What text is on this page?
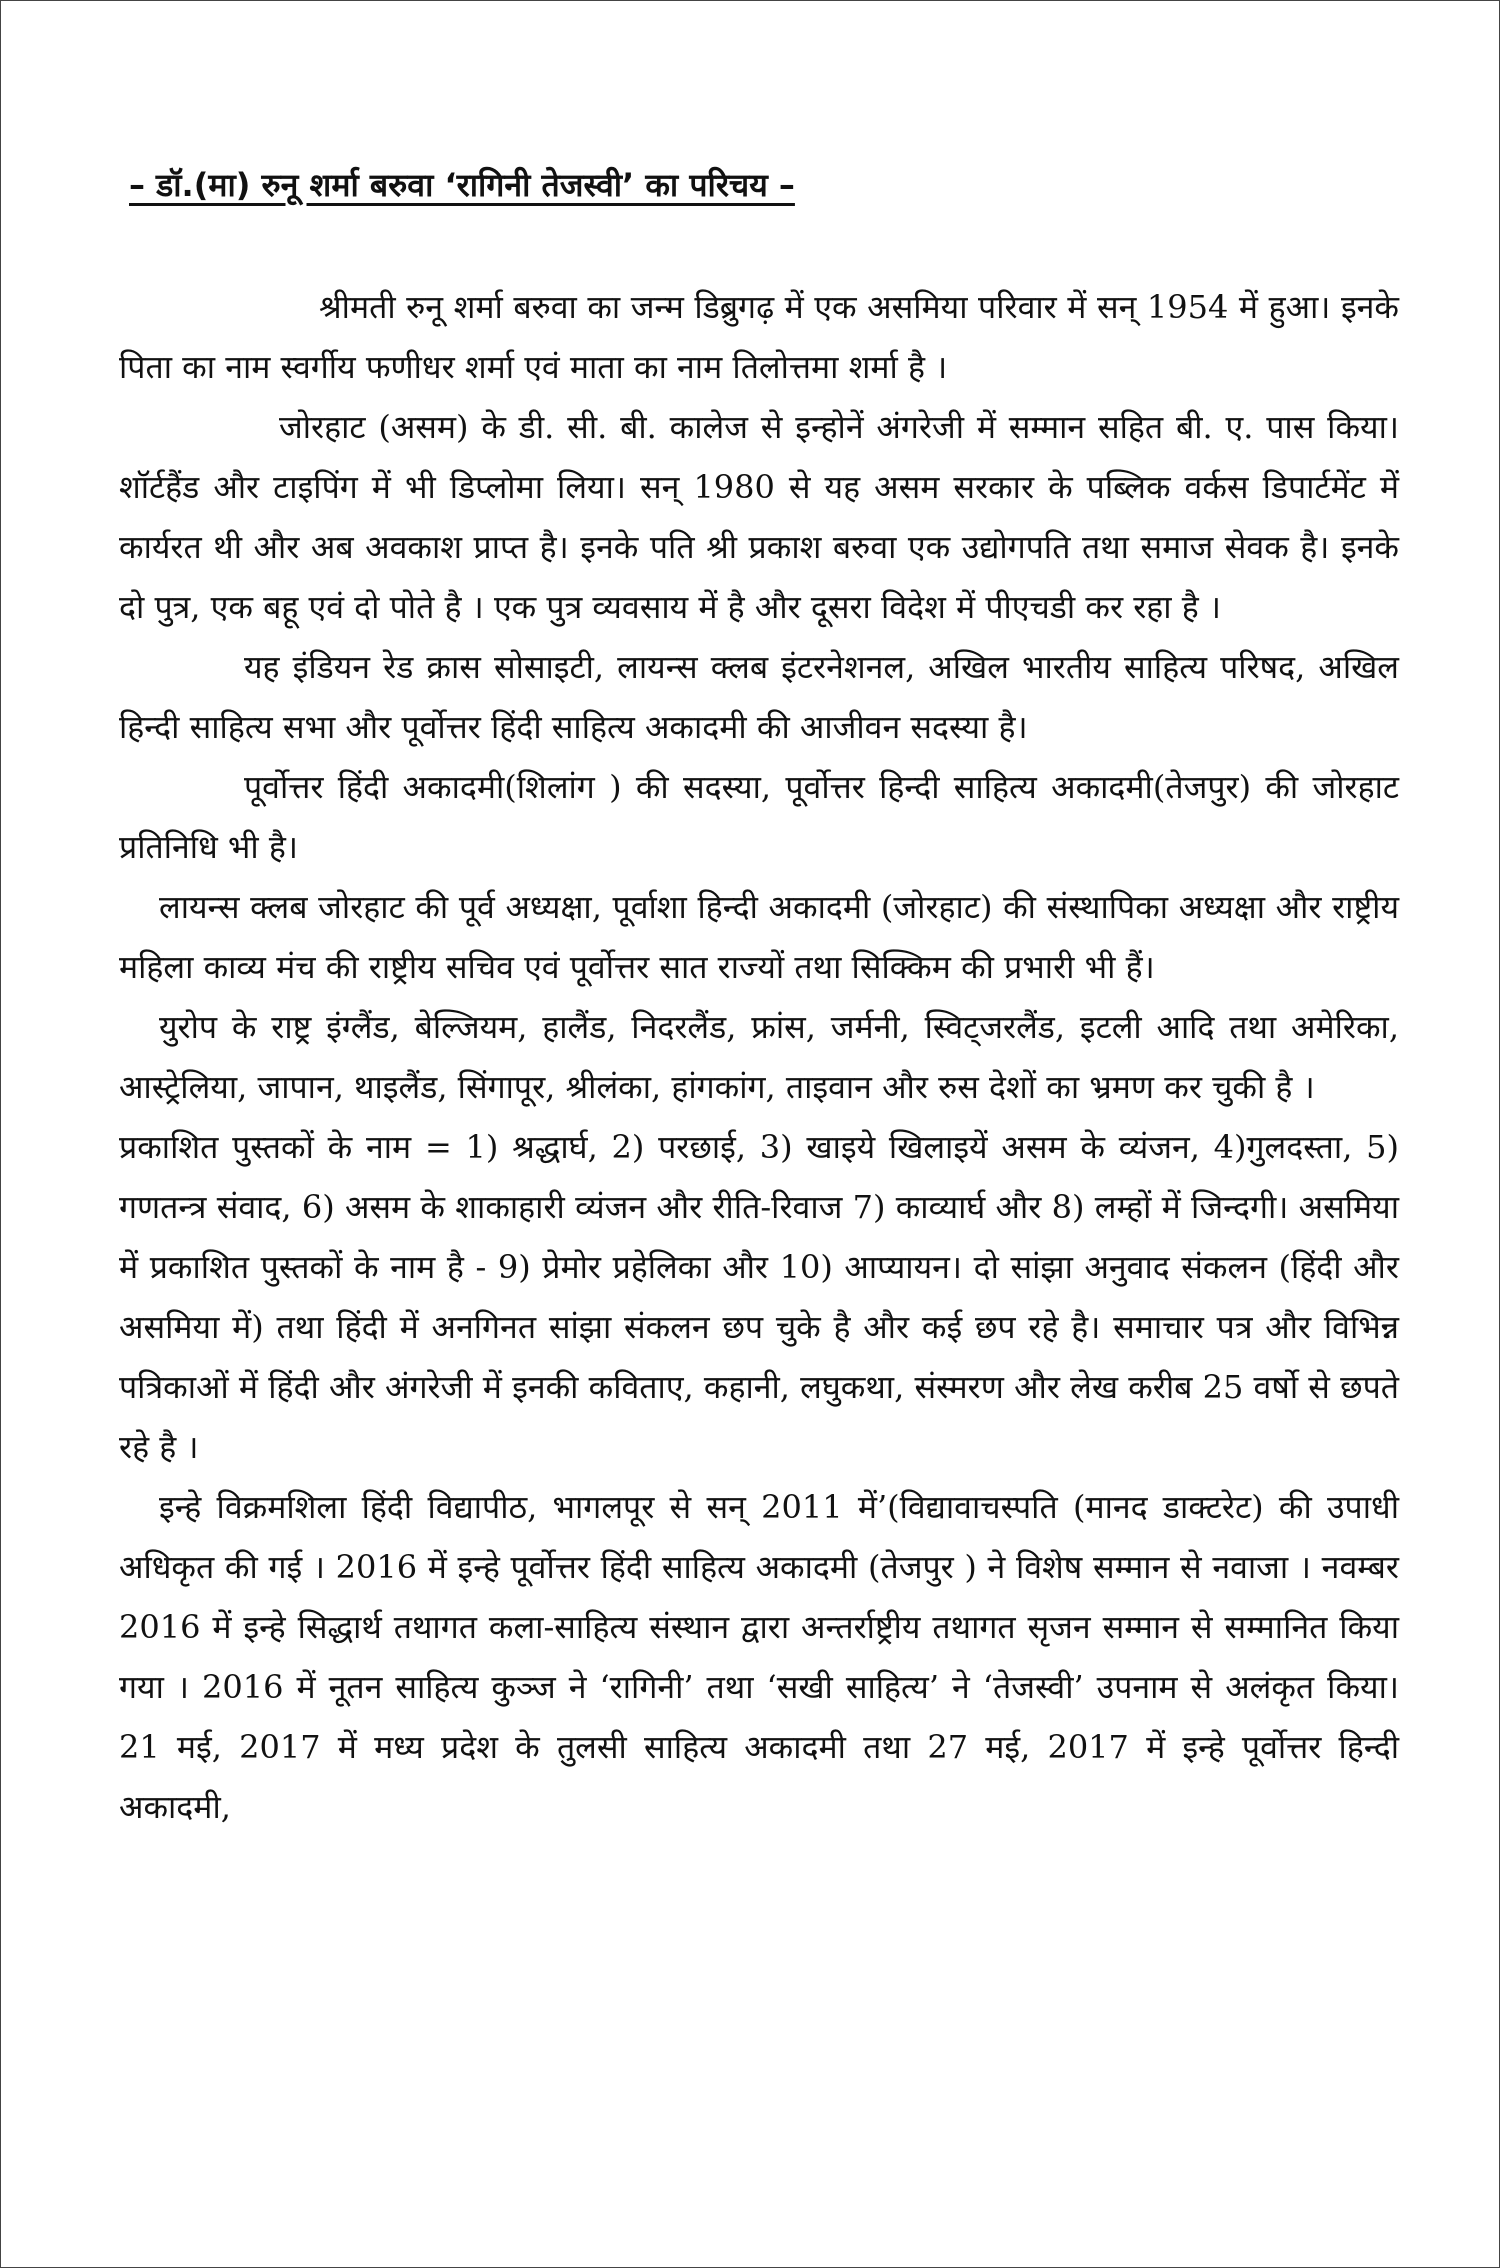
– डॉ.(मा) रुनू शर्मा बरुवा ‘रागिनी तेजस्वी’ का परिचय –

श्रीमती रुनू शर्मा बरुवा का जन्म डिब्रुगढ़ में एक असमिया परिवार में सन् 1954 में हुआ। इनके पिता का नाम स्वर्गीय फणीधर शर्मा एवं माता का नाम तिलोत्तमा शर्मा है ।

जोरहाट (असम) के डी. सी. बी. कालेज से इन्होनें अंगरेजी में सम्मान सहित बी. ए. पास किया। शॉर्टहैंड और टाइपिंग में भी डिप्लोमा लिया। सन् 1980 से यह असम सरकार के पब्लिक वर्कस डिपार्टमेंट में कार्यरत थी और अब अवकाश प्राप्त है। इनके पति श्री प्रकाश बरुवा एक उद्योगपति तथा समाज सेवक है। इनके दो पुत्र, एक बहू एवं दो पोते है । एक पुत्र व्यवसाय में है और दूसरा विदेश में पीएचडी कर रहा है ।

यह इंडियन रेड क्रास सोसाइटी, लायन्स क्लब इंटरनेशनल, अखिल भारतीय साहित्य परिषद, अखिल हिन्दी साहित्य सभा और पूर्वोत्तर हिंदी साहित्य अकादमी की आजीवन सदस्या है।

पूर्वोत्तर हिंदी अकादमी(शिलांग ) की सदस्या, पूर्वोत्तर हिन्दी साहित्य अकादमी(तेजपुर) की जोरहाट प्रतिनिधि भी है।

लायन्स क्लब जोरहाट की पूर्व अध्यक्षा, पूर्वाशा हिन्दी अकादमी (जोरहाट) की संस्थापिका अध्यक्षा और राष्ट्रीय महिला काव्य मंच की राष्ट्रीय सचिव एवं पूर्वोत्तर सात राज्यों तथा सिक्किम की प्रभारी भी हैं।

युरोप के राष्ट्र इंग्लैंड, बेल्जियम, हालैंड, निदरलैंड, फ्रांस, जर्मनी, स्विट्जरलैंड, इटली आदि तथा अमेरिका, आस्ट्रेलिया, जापान, थाइलैंड, सिंगापूर, श्रीलंका, हांगकांग, ताइवान और रुस देशों का भ्रमण कर चुकी है ।

प्रकाशित पुस्तकों के नाम = 1) श्रद्धार्घ, 2) परछाई, 3) खाइये खिलाइयें असम के व्यंजन, 4)गुलदस्ता, 5) गणतन्त्र संवाद, 6) असम के शाकाहारी व्यंजन और रीति-रिवाज 7) काव्यार्घ और 8) लम्हों में जिन्दगी। असमिया में प्रकाशित पुस्तकों के नाम है - 9) प्रेमोर प्रहेलिका और 10) आप्यायन। दो सांझा अनुवाद संकलन (हिंदी और असमिया में) तथा हिंदी में अनगिनत सांझा संकलन छप चुके है और कई छप रहे है। समाचार पत्र और विभिन्न पत्रिकाओं में हिंदी और अंगरेजी में इनकी कविताए, कहानी, लघुकथा, संस्मरण और लेख करीब 25 वर्षो से छपते रहे है ।

इन्हे विक्रमशिला हिंदी विद्यापीठ, भागलपूर से सन् 2011 में’(विद्यावाचस्पति (मानद डाक्टरेट) की उपाधी अधिकृत की गई । 2016 में इन्हे पूर्वोत्तर हिंदी साहित्य अकादमी (तेजपुर ) ने विशेष सम्मान से नवाजा । नवम्बर 2016 में इन्हे सिद्धार्थ तथागत कला-साहित्य संस्थान द्वारा अन्तर्राष्ट्रीय तथागत सृजन सम्मान से सम्मानित किया गया । 2016 में नूतन साहित्य कुञ्ज ने ‘रागिनी’ तथा ‘सखी साहित्य’ ने ‘तेजस्वी’ उपनाम से अलंकृत किया। 21 मई, 2017 में मध्य प्रदेश के तुलसी साहित्य अकादमी तथा 27 मई, 2017 में इन्हे पूर्वोत्तर हिन्दी अकादमी,
